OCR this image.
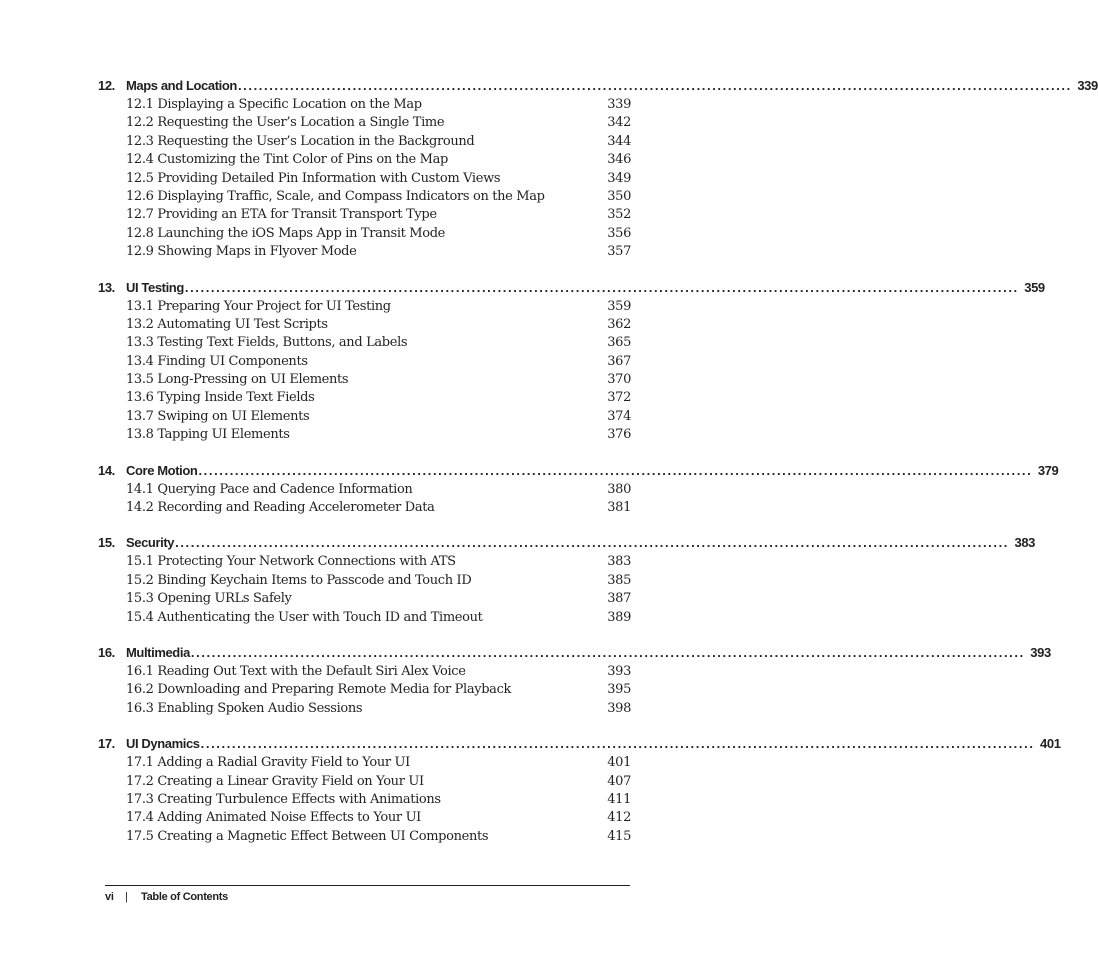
12. Maps and Location ................................................................................................................................................................ 339
12.1 Displaying a Specific Location on the Map	339
12.2 Requesting the User’s Location a Single Time	342
12.3 Requesting the User’s Location in the Background	344
12.4 Customizing the Tint Color of Pins on the Map	346
12.5 Providing Detailed Pin Information with Custom Views	349
12.6 Displaying Traffic, Scale, and Compass Indicators on the Map	350
12.7 Providing an ETA for Transit Transport Type	352
12.8 Launching the iOS Maps App in Transit Mode	356
12.9 Showing Maps in Flyover Mode	357
13. UI Testing ................................................................................................................................................................ 359
13.1 Preparing Your Project for UI Testing	359
13.2 Automating UI Test Scripts	362
13.3 Testing Text Fields, Buttons, and Labels	365
13.4 Finding UI Components	367
13.5 Long-Pressing on UI Elements	370
13.6 Typing Inside Text Fields	372
13.7 Swiping on UI Elements	374
13.8 Tapping UI Elements	376
14. Core Motion ................................................................................................................................................................ 379
14.1 Querying Pace and Cadence Information	380
14.2 Recording and Reading Accelerometer Data	381
15. Security ................................................................................................................................................................ 383
15.1 Protecting Your Network Connections with ATS	383
15.2 Binding Keychain Items to Passcode and Touch ID	385
15.3 Opening URLs Safely	387
15.4 Authenticating the User with Touch ID and Timeout	389
16. Multimedia ................................................................................................................................................................ 393
16.1 Reading Out Text with the Default Siri Alex Voice	393
16.2 Downloading and Preparing Remote Media for Playback	395
16.3 Enabling Spoken Audio Sessions	398
17. UI Dynamics ................................................................................................................................................................ 401
17.1 Adding a Radial Gravity Field to Your UI	401
17.2 Creating a Linear Gravity Field on Your UI	407
17.3 Creating Turbulence Effects with Animations	411
17.4 Adding Animated Noise Effects to Your UI	412
17.5 Creating a Magnetic Effect Between UI Components	415
vi	|	Table of Contents
